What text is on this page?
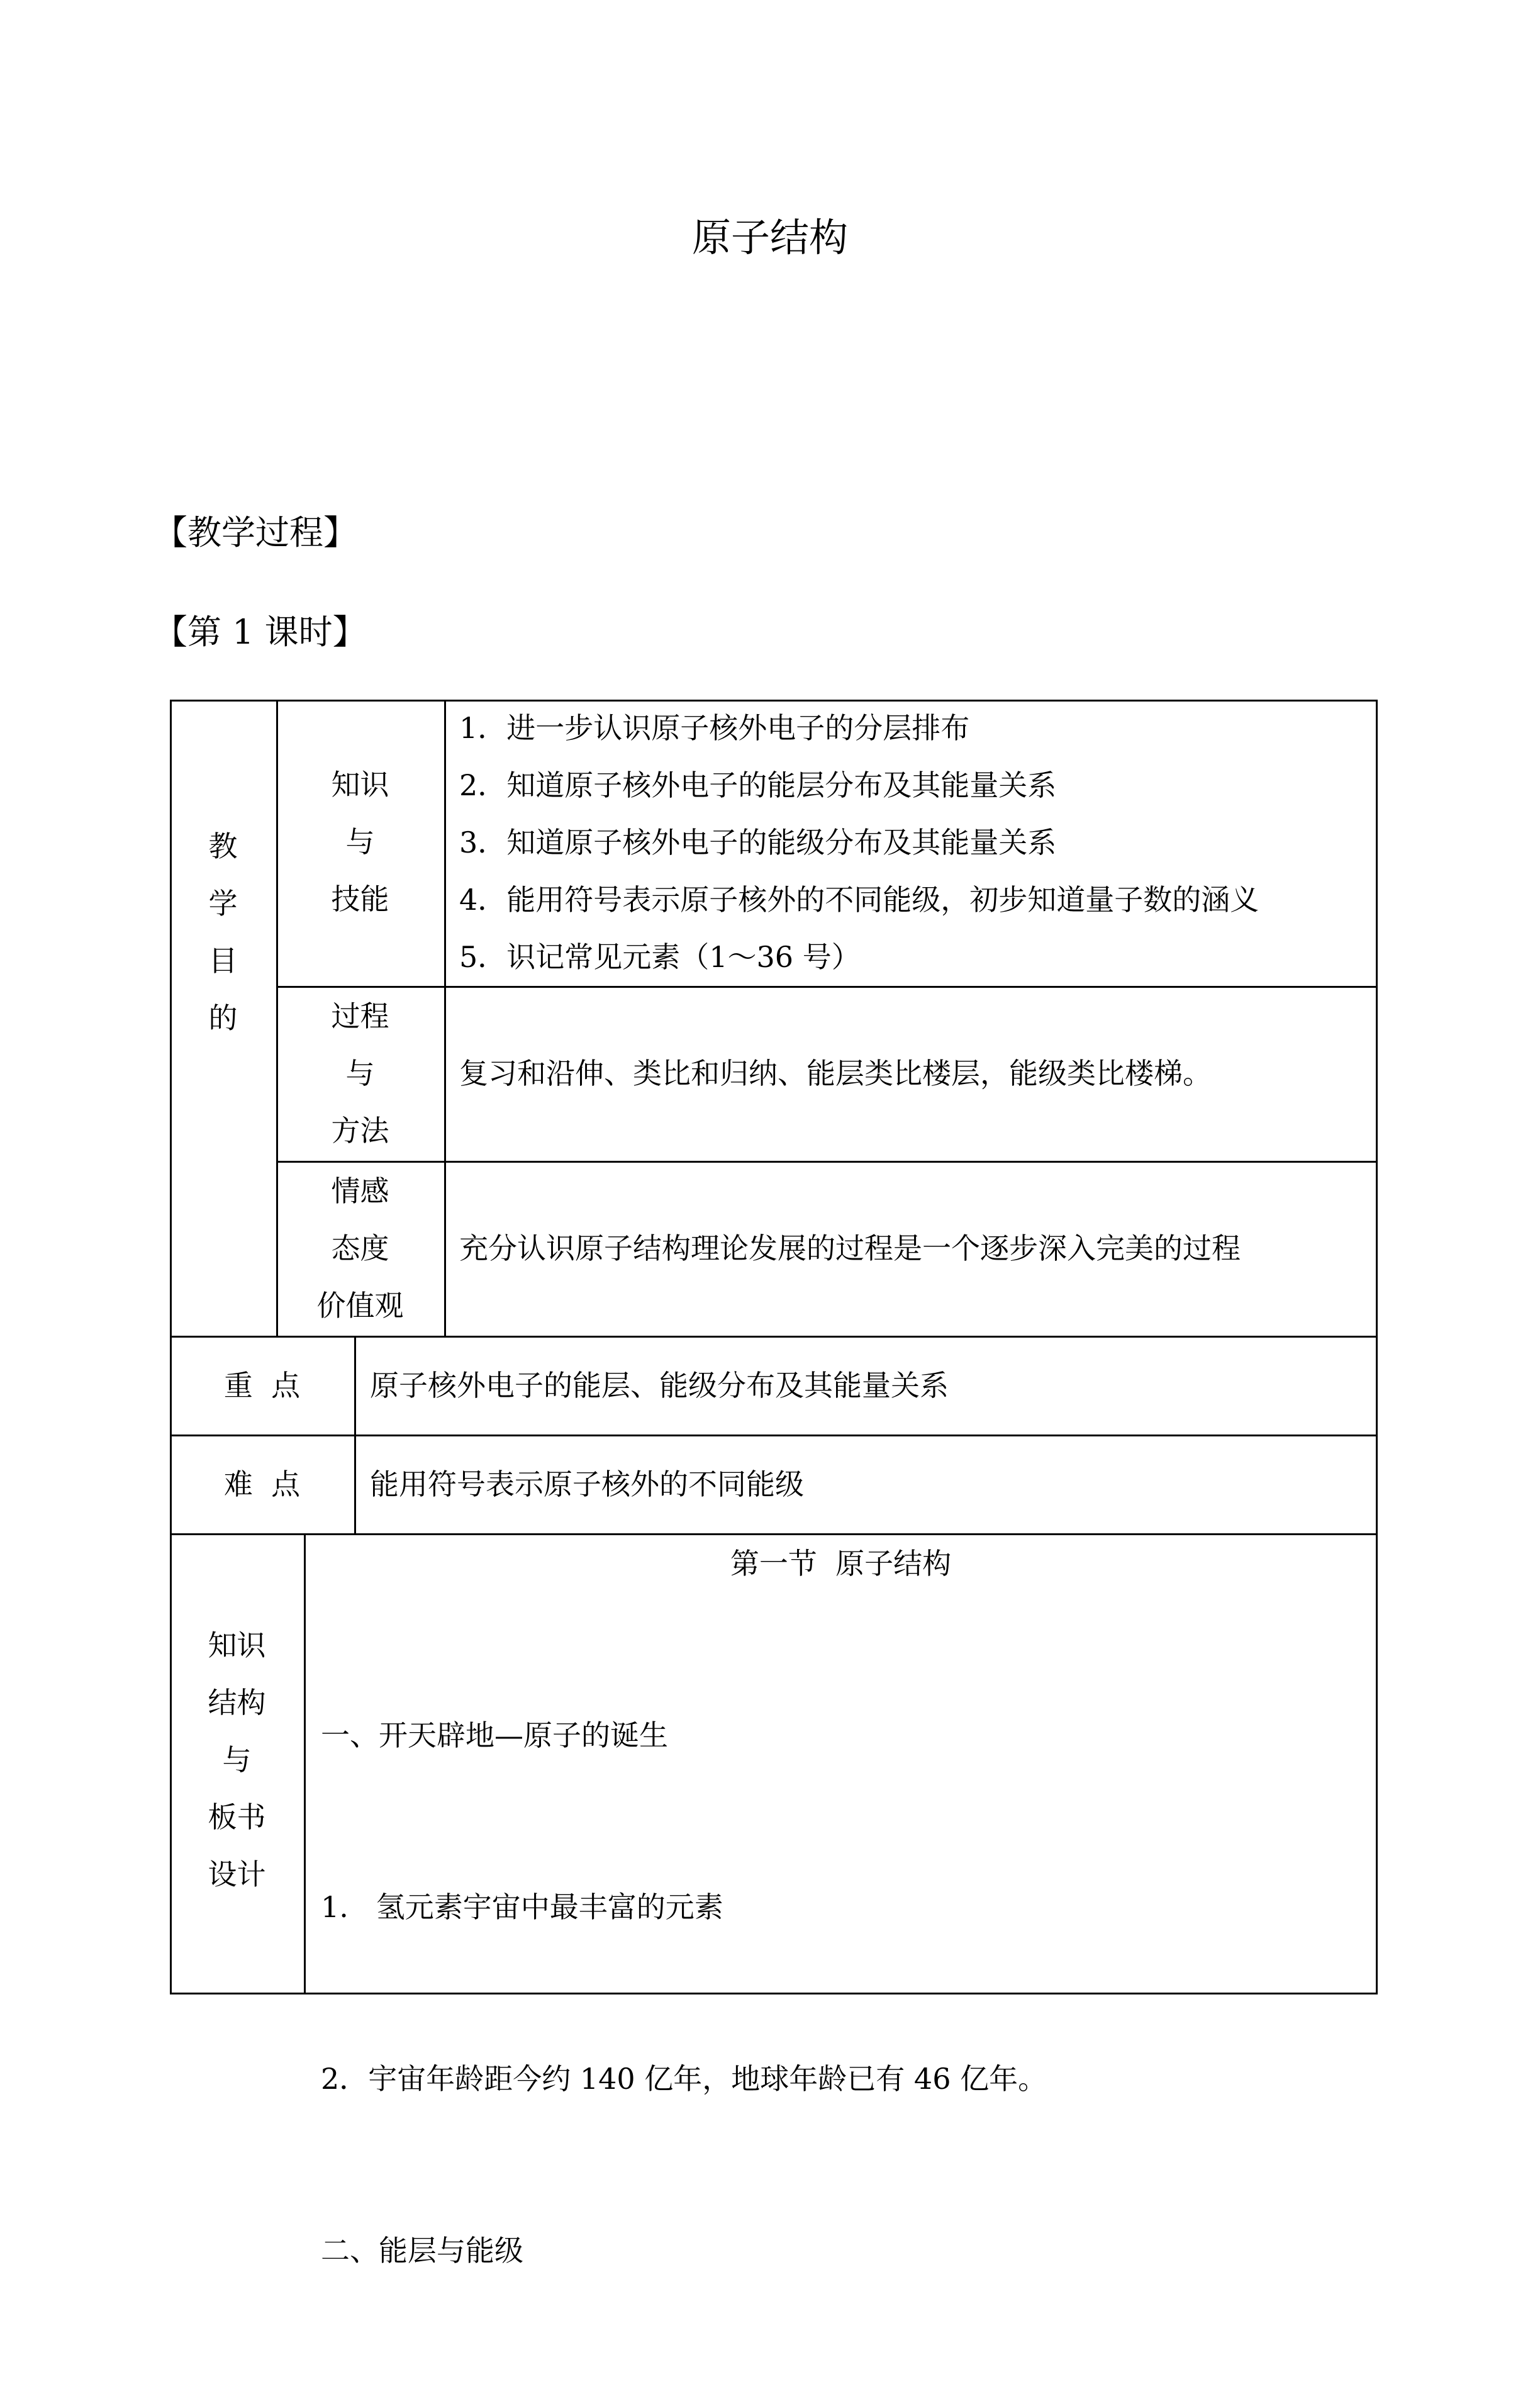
原子结构
【教学过程】
【第 1 课时】
教
学
目
的
知识
与
技能
1．进一步认识原子核外电子的分层排布
2．知道原子核外电子的能层分布及其能量关系
3．知道原子核外电子的能级分布及其能量关系
4．能用符号表示原子核外的不同能级，初步知道量子数的涵义
5．识记常见元素（1～36 号）
过程
与
方法
复习和沿伸、类比和归纳、能层类比楼层，能级类比楼梯。
情感
态度
价值观
充分认识原子结构理论发展的过程是一个逐步深入完美的过程
重  点	原子核外电子的能层、能级分布及其能量关系
难  点	能用符号表示原子核外的不同能级
知识
结构
与
板书
设计
第一节  原子结构

一、开天辟地—原子的诞生

1.   氢元素宇宙中最丰富的元素

2．宇宙年龄距今约 140 亿年，地球年龄已有 46 亿年。

二、能层与能级
